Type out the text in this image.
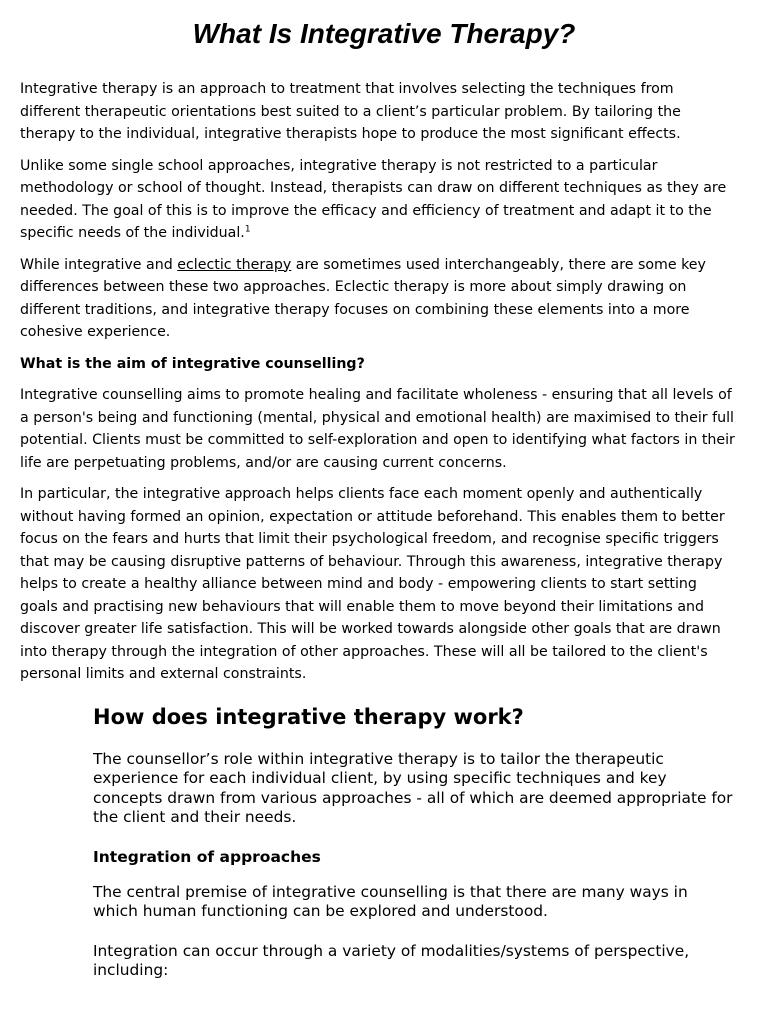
What Is Integrative Therapy?

Integrative therapy is an approach to treatment that involves selecting the techniques from different therapeutic orientations best suited to a client’s particular problem. By tailoring the therapy to the individual, integrative therapists hope to produce the most significant effects.

Unlike some single school approaches, integrative therapy is not restricted to a particular methodology or school of thought. Instead, therapists can draw on different techniques as they are needed. The goal of this is to improve the efficacy and efficiency of treatment and adapt it to the specific needs of the individual.$^1$

While integrative and eclectic therapy are sometimes used interchangeably, there are some key differences between these two approaches. Eclectic therapy is more about simply drawing on different traditions, and integrative therapy focuses on combining these elements into a more cohesive experience.

What is the aim of integrative counselling?

Integrative counselling aims to promote healing and facilitate wholeness - ensuring that all levels of a person's being and functioning (mental, physical and emotional health) are maximised to their full potential. Clients must be committed to self-exploration and open to identifying what factors in their life are perpetuating problems, and/or are causing current concerns.

In particular, the integrative approach helps clients face each moment openly and authentically without having formed an opinion, expectation or attitude beforehand. This enables them to better focus on the fears and hurts that limit their psychological freedom, and recognise specific triggers that may be causing disruptive patterns of behaviour. Through this awareness, integrative therapy helps to create a healthy alliance between mind and body - empowering clients to start setting goals and practising new behaviours that will enable them to move beyond their limitations and discover greater life satisfaction. This will be worked towards alongside other goals that are drawn into therapy through the integration of other approaches. These will all be tailored to the client's personal limits and external constraints.

How does integrative therapy work?

The counsellor’s role within integrative therapy is to tailor the therapeutic experience for each individual client, by using specific techniques and key concepts drawn from various approaches - all of which are deemed appropriate for the client and their needs.

Integration of approaches

The central premise of integrative counselling is that there are many ways in which human functioning can be explored and understood.

Integration can occur through a variety of modalities/systems of perspective, including:
